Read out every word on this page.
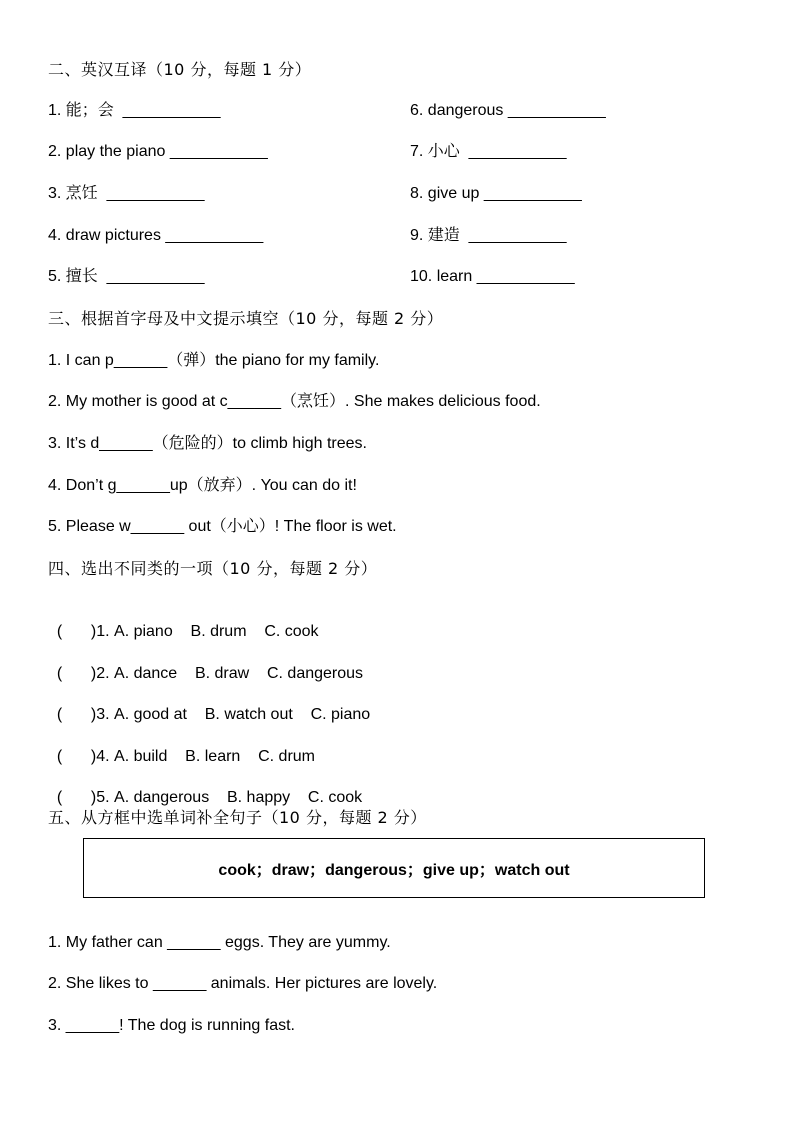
二、英汉互译（10 分，每题 1 分）
1. 能；会  ___________	6. dangerous ___________
2. play the piano ___________	7. 小心  ___________
3. 烹饪  ___________	8. give up ___________
4. draw pictures ___________	9. 建造  ___________
5. 擅长  ___________	10. learn ___________
三、根据首字母及中文提示填空（10 分，每题 2 分）
1. I can p______（弹）the piano for my family.
2. My mother is good at c______（烹饪）. She makes delicious food.
3. It’s d______（危险的）to climb high trees.
4. Don’t g______up（放弃）. You can do it!
5. Please w______ out（小心）! The floor is wet.
四、选出不同类的一项（10 分，每题 2 分）

( )1. A. piano B. drum C. cook

( )2. A. dance B. draw C. dangerous

( )3. A. good at B. watch out C. piano

( )4. A. build B. learn C. drum

( )5. A. dangerous B. happy C. cook

五、从方框中选单词补全句子（10 分，每题 2 分）
cook；draw；dangerous；give up；watch out
1. My father can ______ eggs. They are yummy.
2. She likes to ______ animals. Her pictures are lovely.
3. ______! The dog is running fast.
